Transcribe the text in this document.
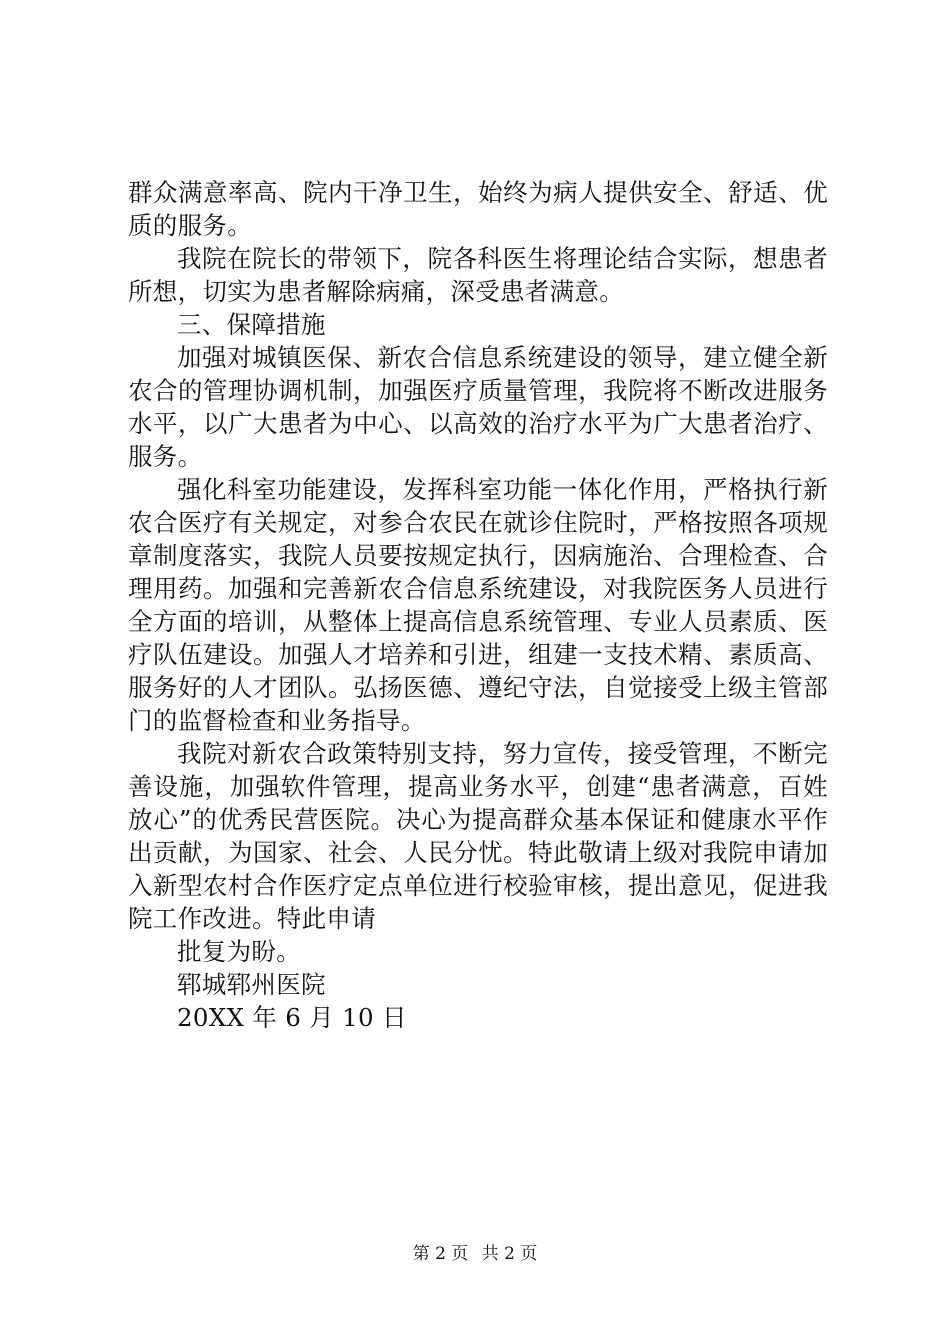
群众满意率高、院内干净卫生，始终为病人提供安全、舒适、优质的服务。

我院在院长的带领下，院各科医生将理论结合实际，想患者所想，切实为患者解除病痛，深受患者满意。

三、保障措施

加强对城镇医保、新农合信息系统建设的领导，建立健全新农合的管理协调机制，加强医疗质量管理，我院将不断改进服务水平，以广大患者为中心、以高效的治疗水平为广大患者治疗、服务。

强化科室功能建设，发挥科室功能一体化作用，严格执行新农合医疗有关规定，对参合农民在就诊住院时，严格按照各项规章制度落实，我院人员要按规定执行，因病施治、合理检查、合理用药。加强和完善新农合信息系统建设，对我院医务人员进行全方面的培训，从整体上提高信息系统管理、专业人员素质、医疗队伍建设。加强人才培养和引进，组建一支技术精、素质高、服务好的人才团队。弘扬医德、遵纪守法，自觉接受上级主管部门的监督检查和业务指导。

我院对新农合政策特别支持，努力宣传，接受管理，不断完善设施，加强软件管理，提高业务水平，创建“患者满意，百姓放心”的优秀民营医院。决心为提高群众基本保证和健康水平作出贡献，为国家、社会、人民分忧。特此敬请上级对我院申请加入新型农村合作医疗定点单位进行校验审核，提出意见，促进我院工作改进。特此申请

批复为盼。

郓城郓州医院

20XX 年 6 月 10 日

第 2 页 共 2 页
